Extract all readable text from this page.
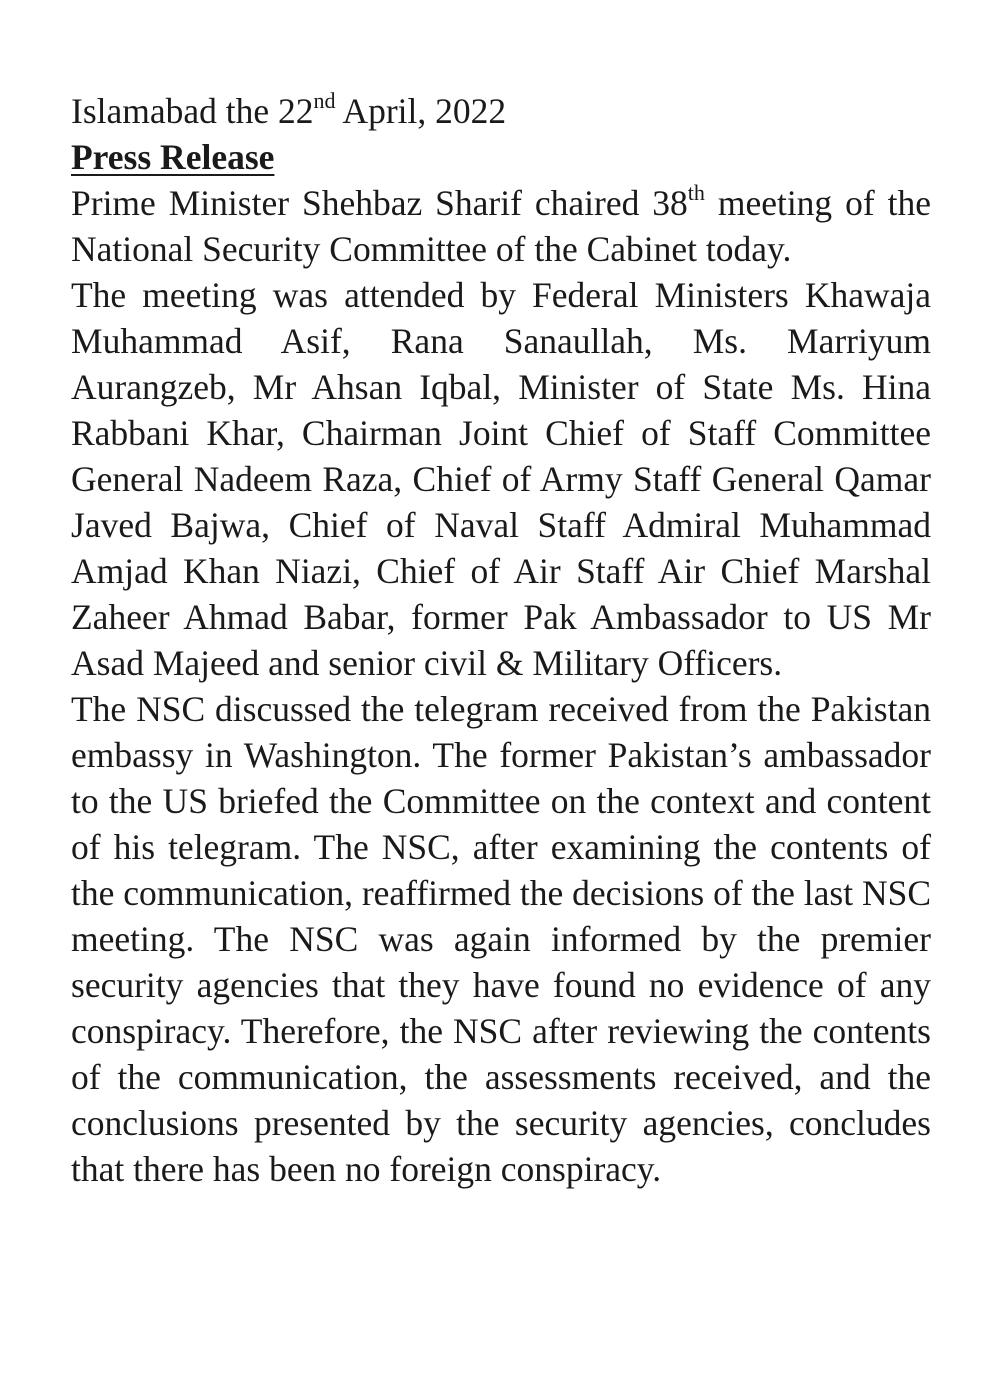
Islamabad the 22nd April, 2022

Press Release

Prime Minister Shehbaz Sharif chaired 38th meeting of the National Security Committee of the Cabinet today.

The meeting was attended by Federal Ministers Khawaja Muhammad Asif, Rana Sanaullah, Ms. Marriyum Aurangzeb, Mr Ahsan Iqbal, Minister of State Ms. Hina Rabbani Khar, Chairman Joint Chief of Staff Committee General Nadeem Raza, Chief of Army Staff General Qamar Javed Bajwa, Chief of Naval Staff Admiral Muhammad Amjad Khan Niazi, Chief of Air Staff Air Chief Marshal Zaheer Ahmad Babar, former Pak Ambassador to US Mr Asad Majeed and senior civil & Military Officers.

The NSC discussed the telegram received from the Pakistan embassy in Washington. The former Pakistan’s ambassador to the US briefed the Committee on the context and content of his telegram. The NSC, after examining the contents of the communication, reaffirmed the decisions of the last NSC meeting. The NSC was again informed by the premier security agencies that they have found no evidence of any conspiracy. Therefore, the NSC after reviewing the contents of the communication, the assessments received, and the conclusions presented by the security agencies, concludes that there has been no foreign conspiracy.
